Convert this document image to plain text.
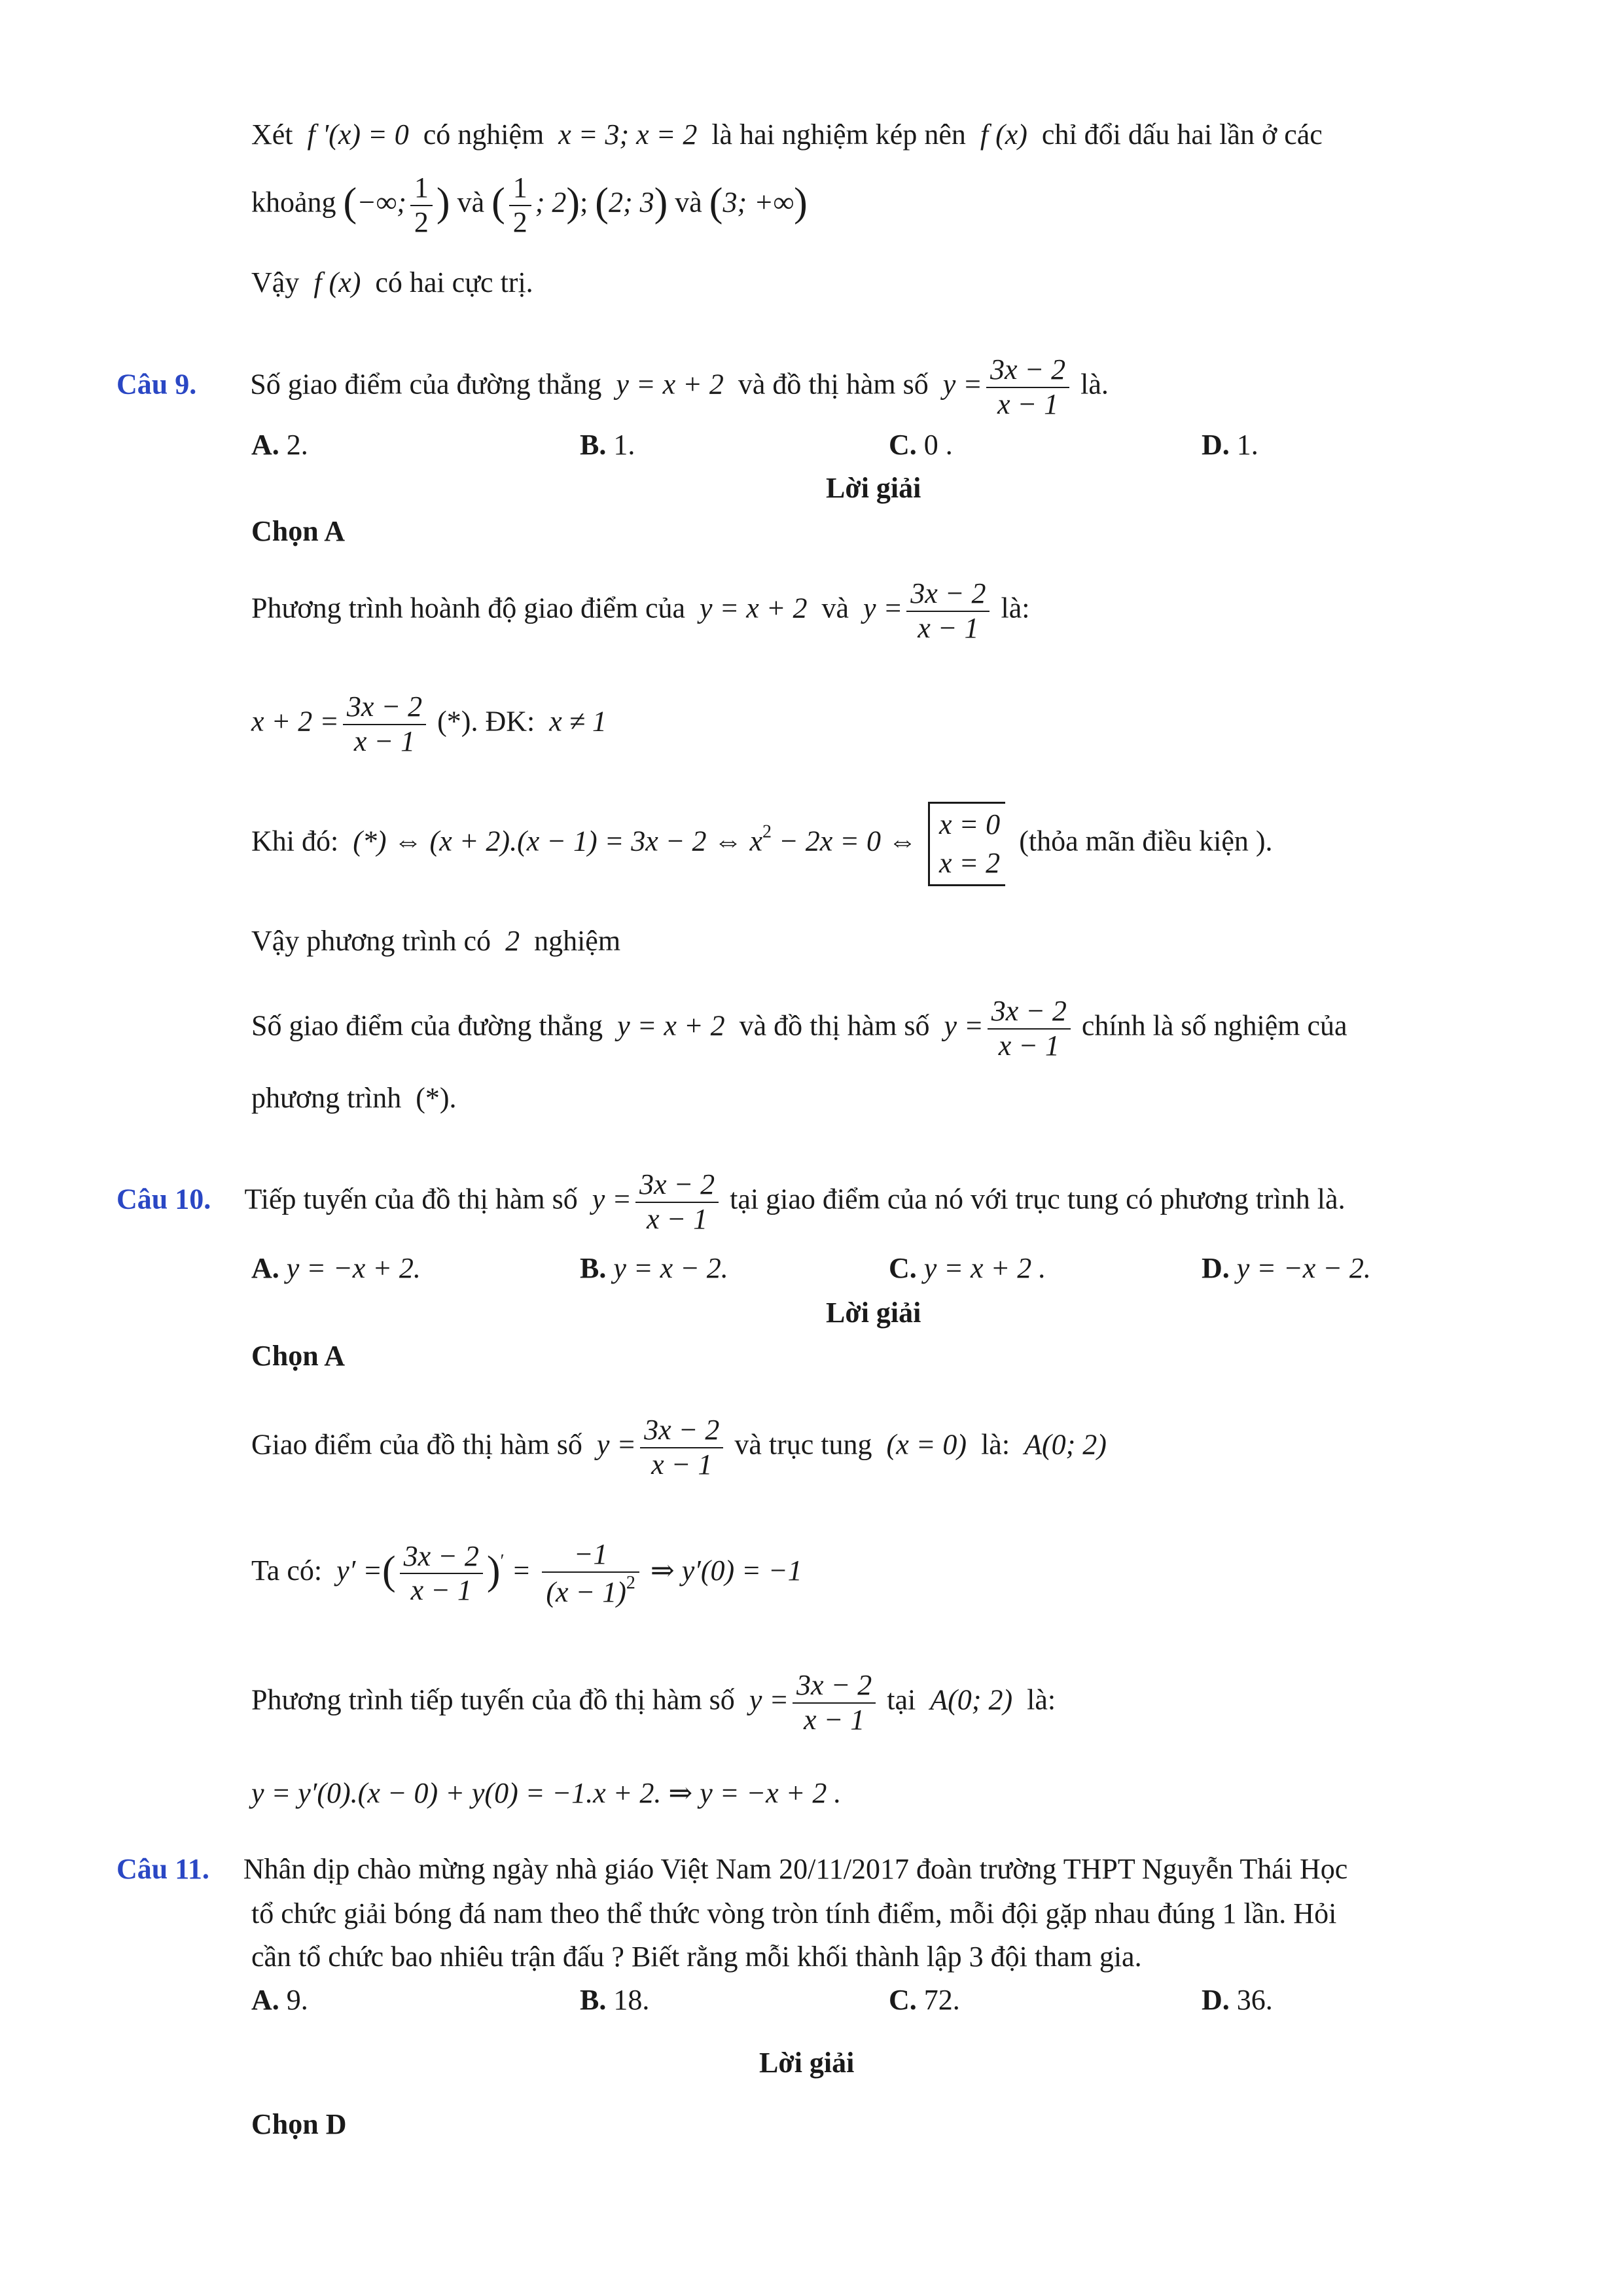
Xét f '(x) = 0 có nghiệm x = 3; x = 2 là hai nghiệm kép nên f (x) chỉ đổi dấu hai lần ở các
khoảng (−∞; $\frac{1}{2}$ ) và ( $\frac{1}{2}$ ; 2); (2; 3) và (3; +∞)
Vậy f (x) có hai cực trị.
Câu 9. Số giao điểm của đường thẳng y = x + 2 và đồ thị hàm số $y = \frac{3x - 2}{x - 1}$ là.
A. 2.	B. 1.	C. 0 .	D. 1.
Lời giải
Chọn A
Phương trình hoành độ giao điểm của y = x + 2 và $y = \frac{3x - 2}{x - 1}$ là:
$x + 2 = \frac{3x - 2}{x - 1}$ (*). ĐK: x ≠ 1
Khi đó: (*) ⇔ (x + 2).(x − 1) = 3x − 2 ⇔ $x^2 - 2x = 0$ ⇔
x = 0
x = 2
(thỏa mãn điều kiện ).
Vậy phương trình có 2 nghiệm
Số giao điểm của đường thẳng y = x + 2 và đồ thị hàm số $y = \frac{3x - 2}{x - 1}$ chính là số nghiệm của
phương trình (*).
Câu 10. Tiếp tuyến của đồ thị hàm số $y = \frac{3x - 2}{x - 1}$ tại giao điểm của nó với trục tung có phương trình là.
A. y = −x + 2.	B. y = x − 2.	C. y = x + 2 .	D. y = −x − 2.
Lời giải
Chọn A
Giao điểm của đồ thị hàm số $y = \frac{3x - 2}{x - 1}$ và trục tung (x = 0) là: A(0; 2)
Ta có: y′ =( $\frac{3x - 2}{x - 1} )' = \frac{-1}{(x - 1)^2}$ ⇒ y′(0) = −1
Phương trình tiếp tuyến của đồ thị hàm số $y = \frac{3x - 2}{x - 1}$ tại A(0; 2) là:
y = y′(0).(x − 0) + y(0) = −1.x + 2. ⇒ y = −x + 2 .
Câu 11. Nhân dịp chào mừng ngày nhà giáo Việt Nam 20/11/2017 đoàn trường THPT Nguyễn Thái Học
tổ chức giải bóng đá nam theo thể thức vòng tròn tính điểm, mỗi đội gặp nhau đúng 1 lần. Hỏi
cần tổ chức bao nhiêu trận đấu ? Biết rằng mỗi khối thành lập 3 đội tham gia.
A. 9.	B. 18.	C. 72.	D. 36.
Lời giải
Chọn D
